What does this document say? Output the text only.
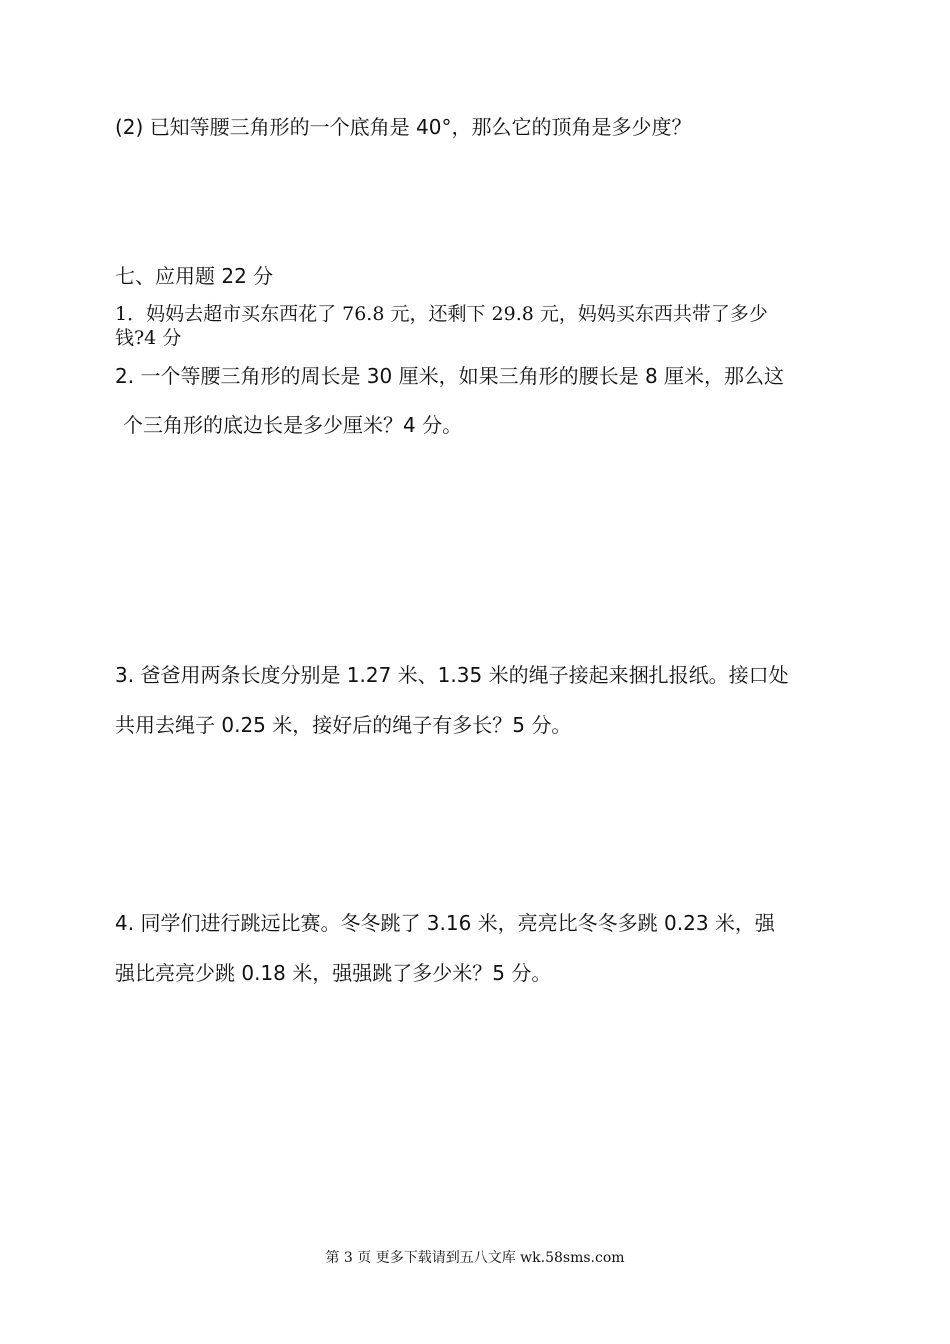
(2) 已知等腰三角形的一个底角是 40°，那么它的顶角是多少度？
七、应用题 22 分
1．妈妈去超市买东西花了 76.8 元，还剩下 29.8 元，妈妈买东西共带了多少
钱?4 分
2. 一个等腰三角形的周长是 30 厘米，如果三角形的腰长是 8 厘米，那么这
个三角形的底边长是多少厘米？4 分。
3. 爸爸用两条长度分别是 1.27 米、1.35 米的绳子接起来捆扎报纸。接口处
共用去绳子 0.25 米，接好后的绳子有多长？5 分。
4. 同学们进行跳远比赛。冬冬跳了 3.16 米，亮亮比冬冬多跳 0.23 米，强
强比亮亮少跳 0.18 米，强强跳了多少米？5 分。
第 3 页 更多下载请到五八文库 wk.58sms.com
